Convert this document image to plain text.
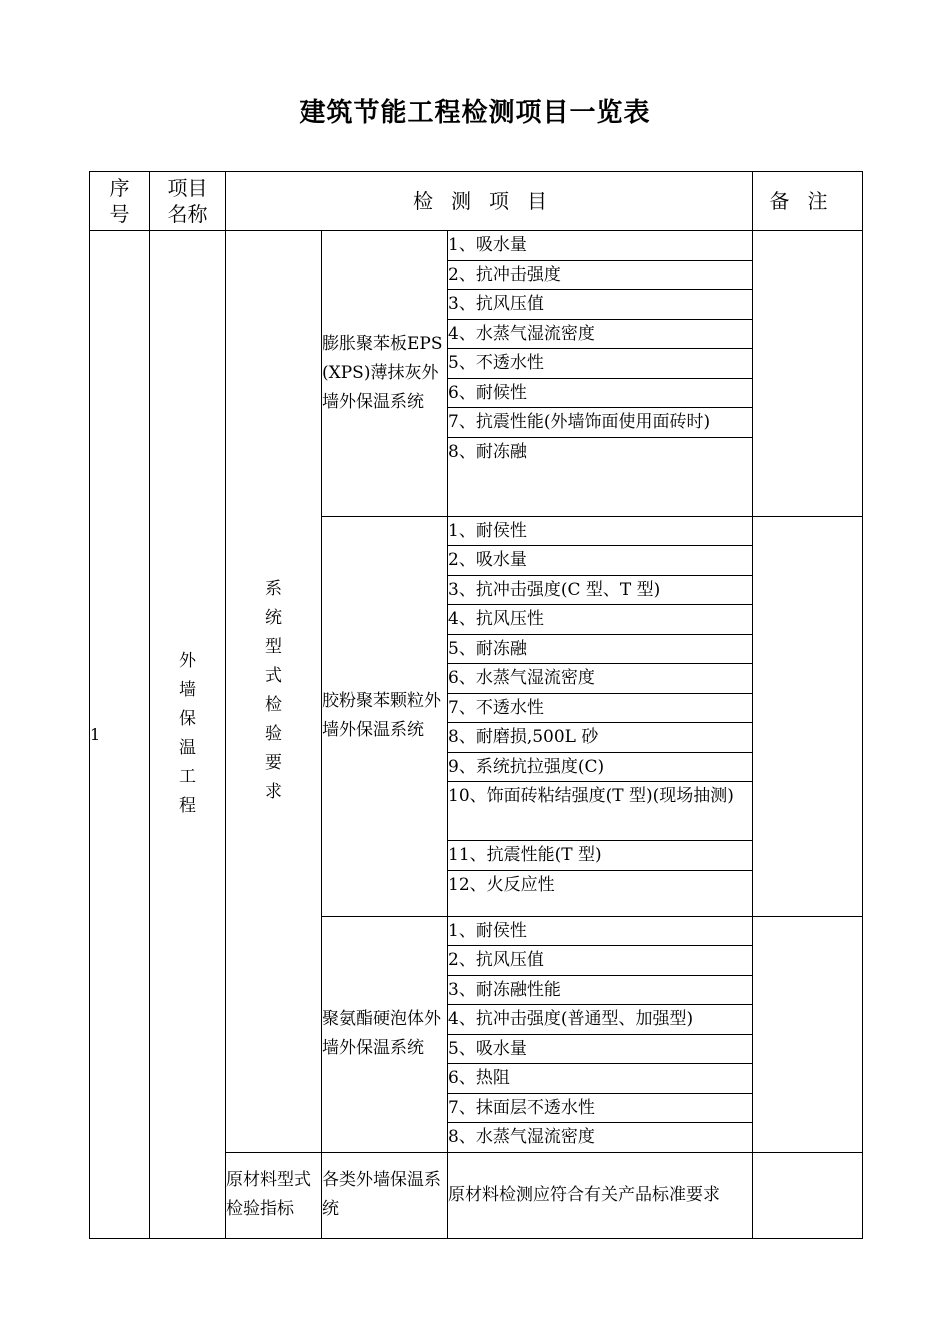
建筑节能工程检测项目一览表
序号	项目名称	检测项目			备注
1	外墙保温工程	系统型式检验要求	膨胀聚苯板EPS(XPS)薄抹灰外墙外保温系统	1、吸水量	
				2、抗冲击强度	
				3、抗风压值	
				4、水蒸气湿流密度	
				5、不透水性	
				6、耐候性	
				7、抗震性能(外墙饰面使用面砖时)	
				8、耐冻融	
			胶粉聚苯颗粒外墙外保温系统	1、耐侯性	
				2、吸水量	
				3、抗冲击强度(C 型、T 型)	
				4、抗风压性	
				5、耐冻融	
				6、水蒸气湿流密度	
				7、不透水性	
				8、耐磨损,500L 砂	
				9、系统抗拉强度(C)	
				10、饰面砖粘结强度(T 型)(现场抽测)	
				11、抗震性能(T 型)	
				12、火反应性	
			聚氨酯硬泡体外墙外保温系统	1、耐侯性	
				2、抗风压值	
				3、耐冻融性能	
				4、抗冲击强度(普通型、加强型)	
				5、吸水量	
				6、热阻	
				7、抹面层不透水性	
				8、水蒸气湿流密度	
		原材料型式检验指标	各类外墙保温系统	原材料检测应符合有关产品标准要求	
